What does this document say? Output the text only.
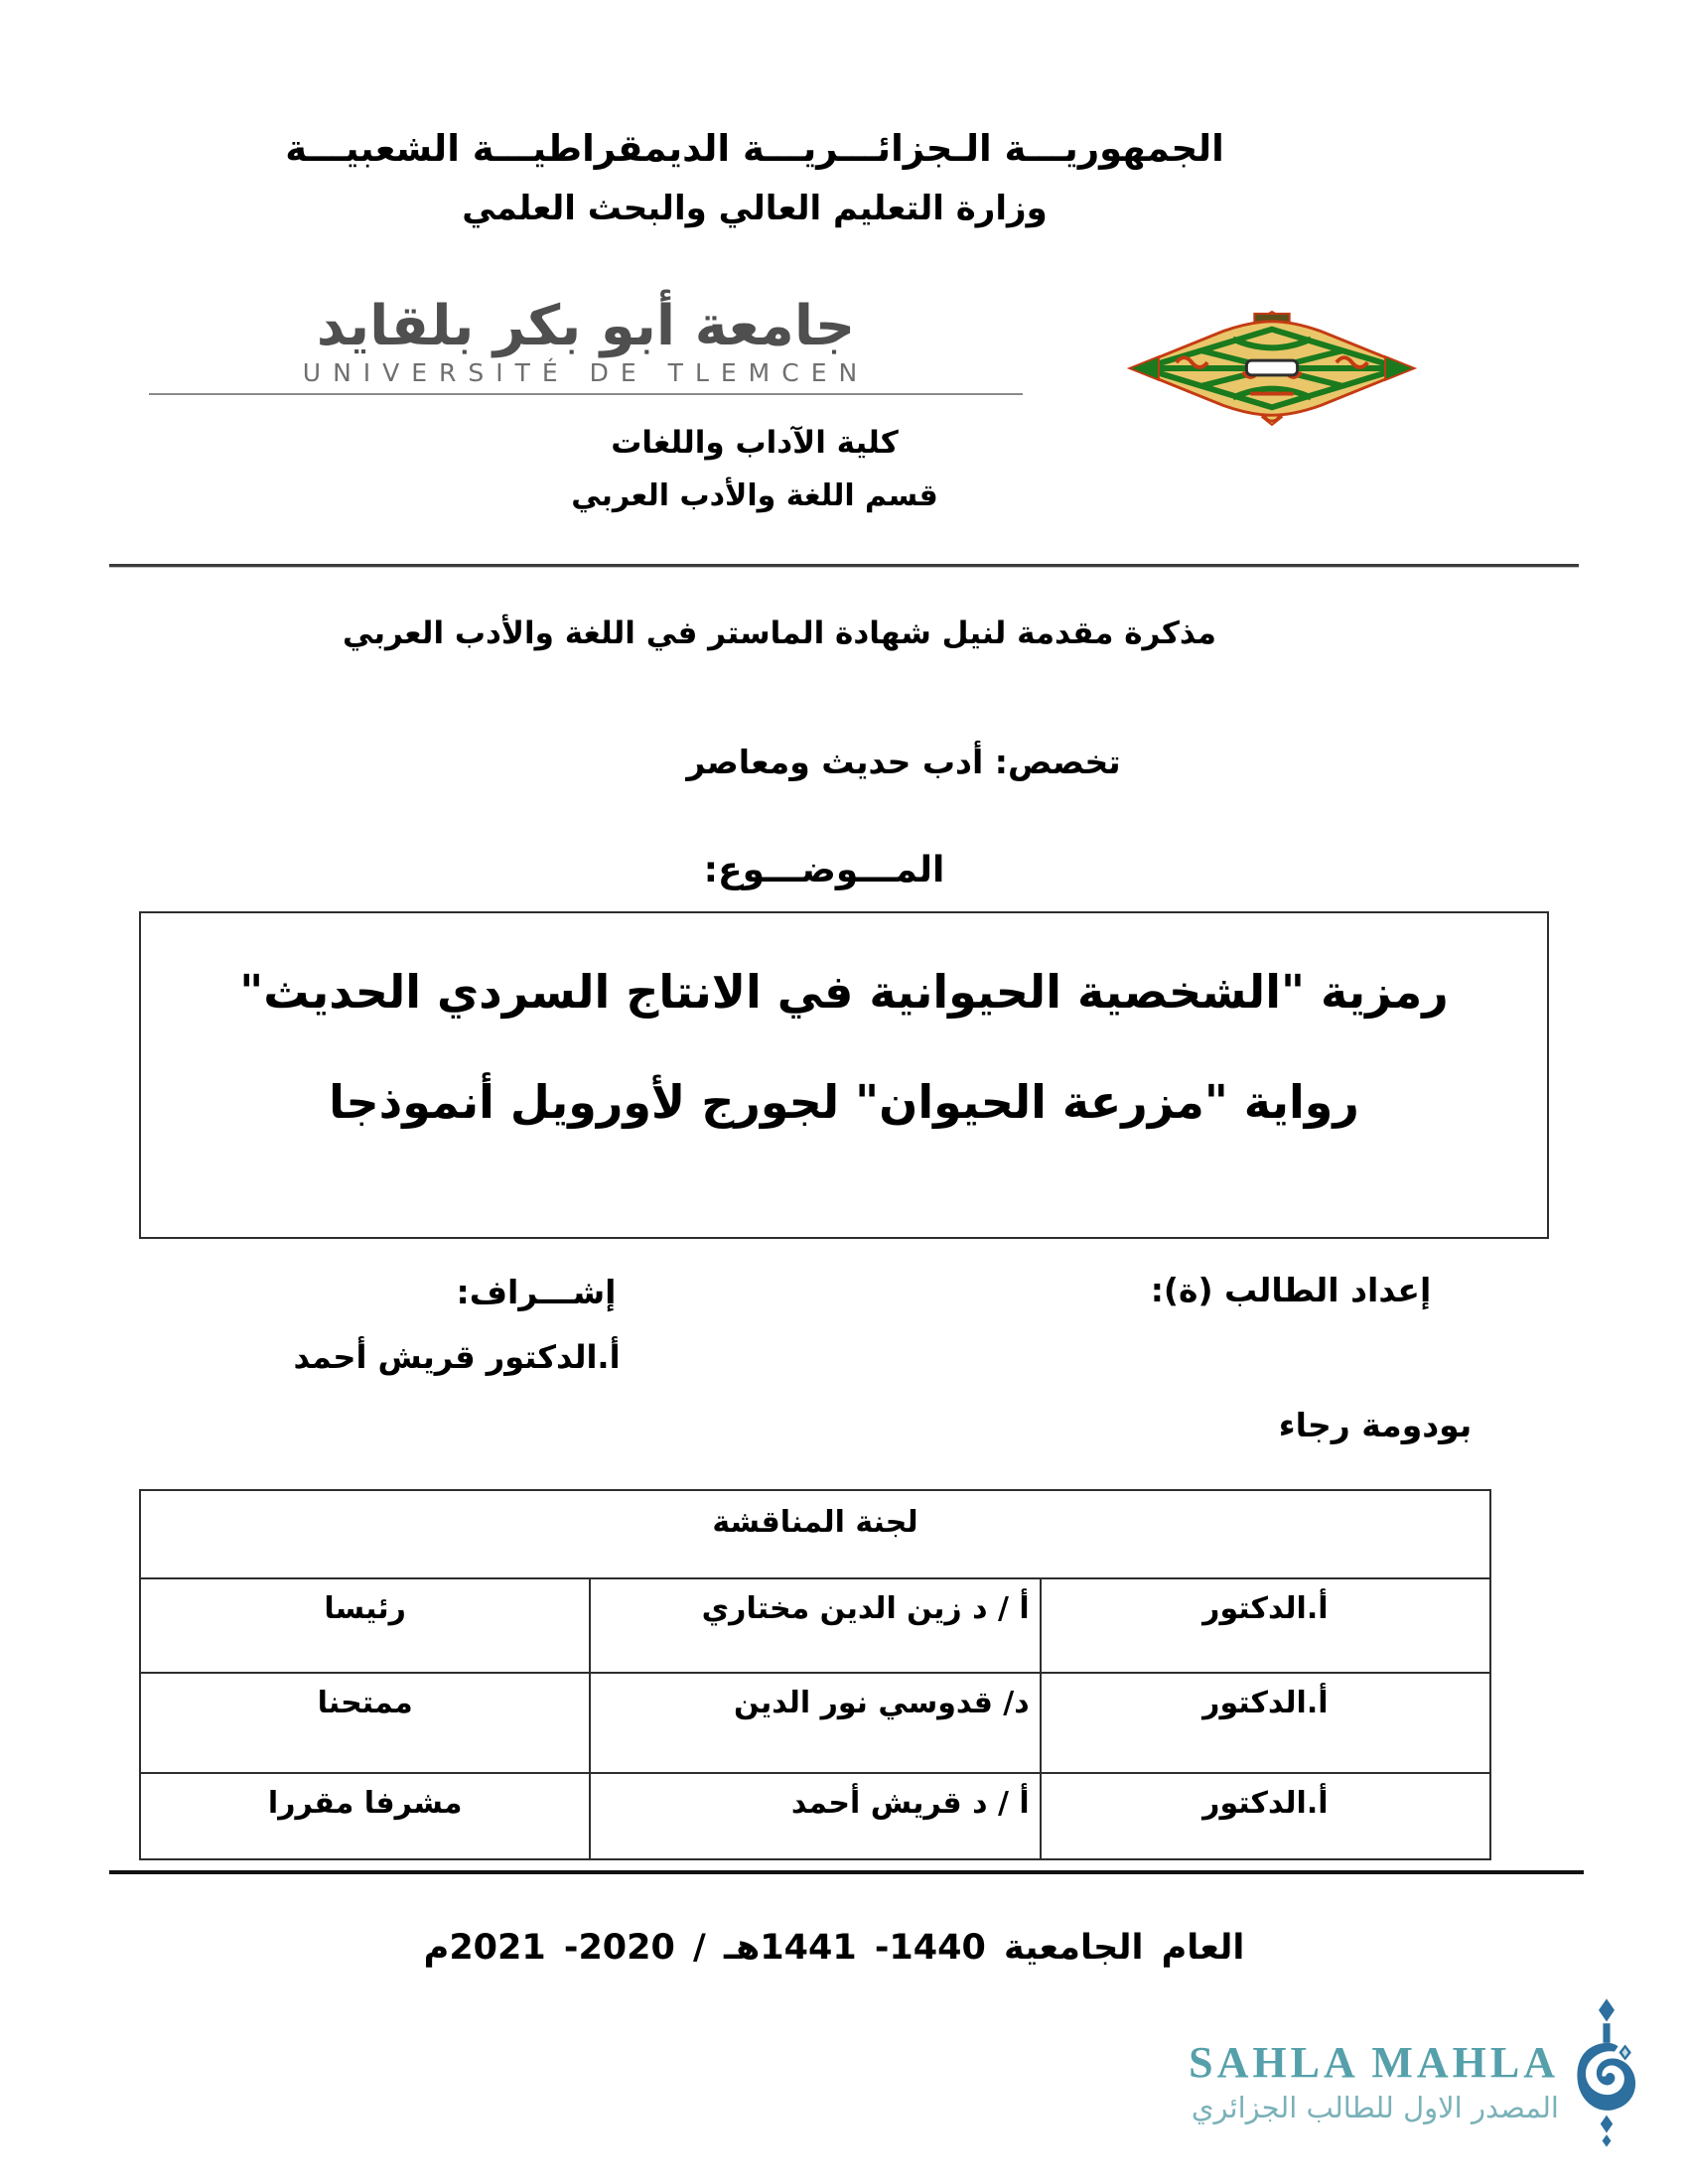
الجمهوريـــة الـجزائـــريـــة الديمقراطيـــة الشعبيـــة
وزارة التعليم العالي والبحث العلمي
جامعة أبو بكر بلقايد
UNIVERSITÉ DE TLEMCEN
كلية الآداب واللغات
قسم اللغة والأدب العربي
مذكرة مقدمة لنيل شهادة الماستر في اللغة والأدب العربي
تخصص: أدب حديث ومعاصر
المـــوضـــوع:
رمزية "الشخصية الحيوانية في الانتاج السردي الحديث"
رواية "مزرعة الحيوان" لجورج لأورويل أنموذجا
إعداد الطالب (ة):
إشـــراف:
أ.الدكتور قريش أحمد
بودومة رجاء
لجنة المناقشة		
أ.الدكتور	أ / د زين الدين مختاري	رئيسا
أ.الدكتور	د/ قدوسي نور الدين	ممتحنا
أ.الدكتور	أ / د قريش أحمد	مشرفا مقررا
العام الجامعية 1440- 1441هـ / 2020- 2021م
SAHLA MAHLA
المصدر الاول للطالب الجزائري
